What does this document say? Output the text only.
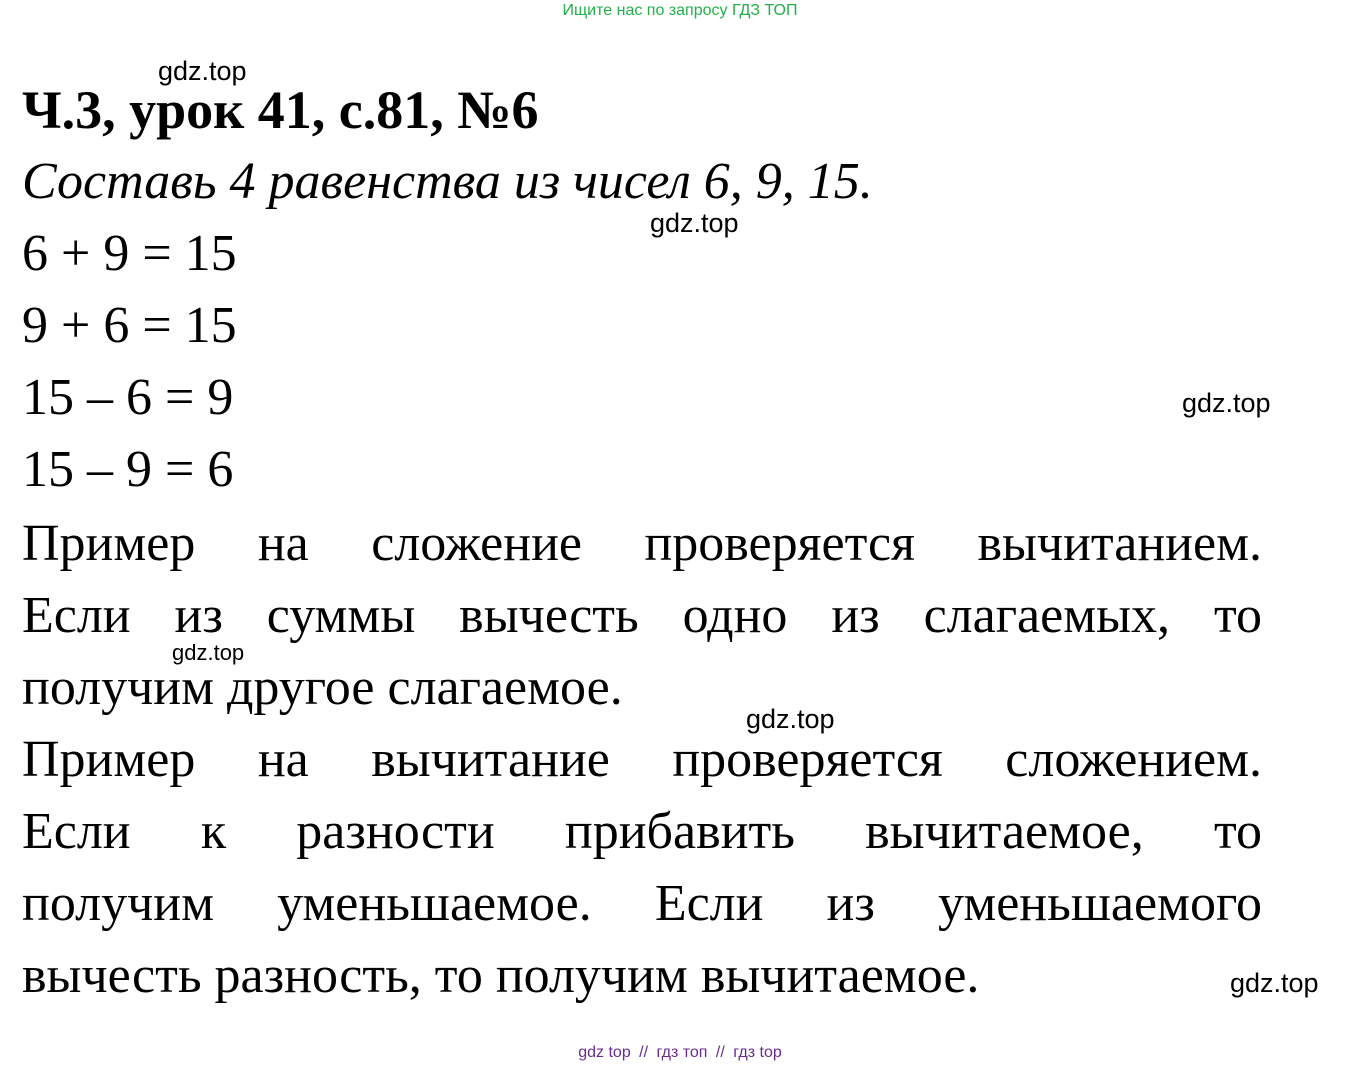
Ищите нас по запросу ГДЗ ТОП
gdz.top
gdz.top
gdz.top
gdz.top
gdz.top
gdz.top
Ч.3, урок 41, с.81, №6
Составь 4 равенства из чисел 6, 9, 15.
6 + 9 = 15
9 + 6 = 15
15 – 6 = 9
15 – 9 = 6
Пример на сложение проверяется вычитанием.
Если из суммы вычесть одно из слагаемых, то
получим другое слагаемое.
Пример на вычитание проверяется сложением.
Если к разности прибавить вычитаемое, то
получим уменьшаемое. Если из уменьшаемого
вычесть разность, то получим вычитаемое.
gdz top // гдз топ // гдз top
